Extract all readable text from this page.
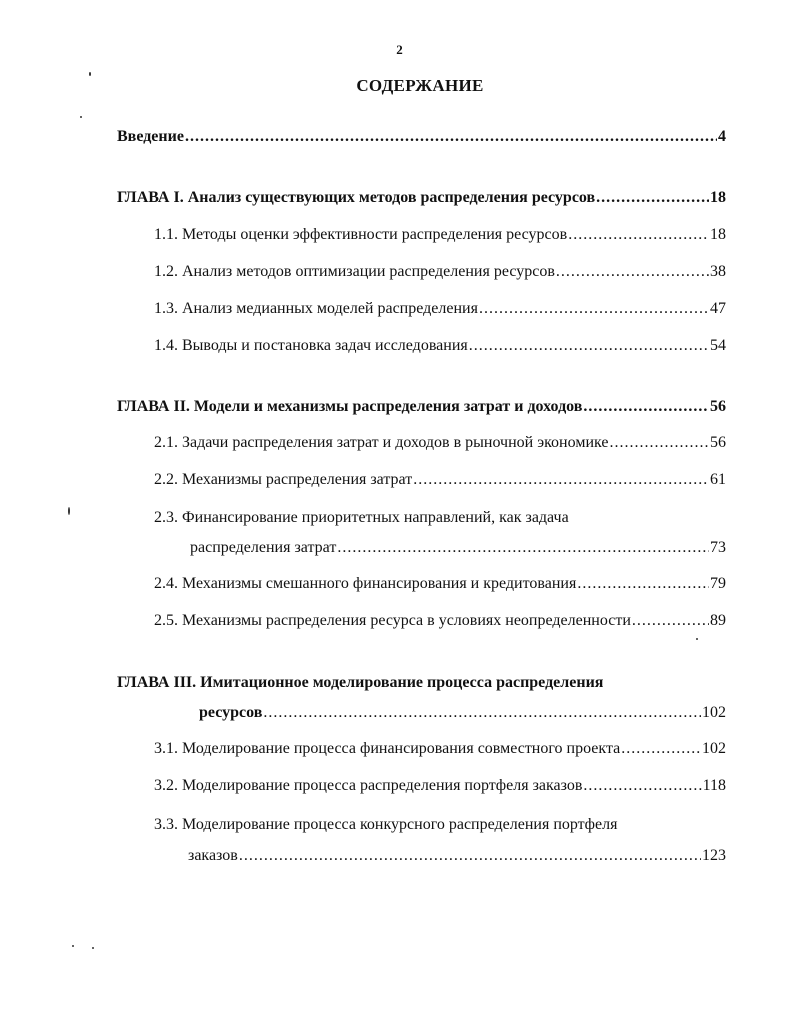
2
СОДЕРЖАНИЕ
Введение .....	4
ГЛАВА I. Анализ существующих методов распределения ресурсов .....	18
1.1. Методы оценки эффективности распределения ресурсов .....	18
1.2. Анализ методов оптимизации распределения ресурсов .....	38
1.3. Анализ медианных моделей распределения .....	47
1.4. Выводы и постановка задач исследования .....	54
ГЛАВА II. Модели и механизмы распределения затрат и доходов .....	56
2.1. Задачи распределения затрат и доходов в рыночной экономике .....	56
2.2. Механизмы распределения затрат .....	61
2.3. Финансирование приоритетных направлений, как задача
распределения затрат .....	73
2.4. Механизмы смешанного финансирования и кредитования .....	79
2.5. Механизмы распределения ресурса в условиях неопределенности .....	89
ГЛАВА III. Имитационное моделирование процесса распределения
ресурсов .....	102
3.1. Моделирование процесса финансирования совместного проекта .....	102
3.2. Моделирование процесса распределения портфеля заказов .....	118
3.3. Моделирование процесса конкурсного распределения портфеля
заказов .....	123
